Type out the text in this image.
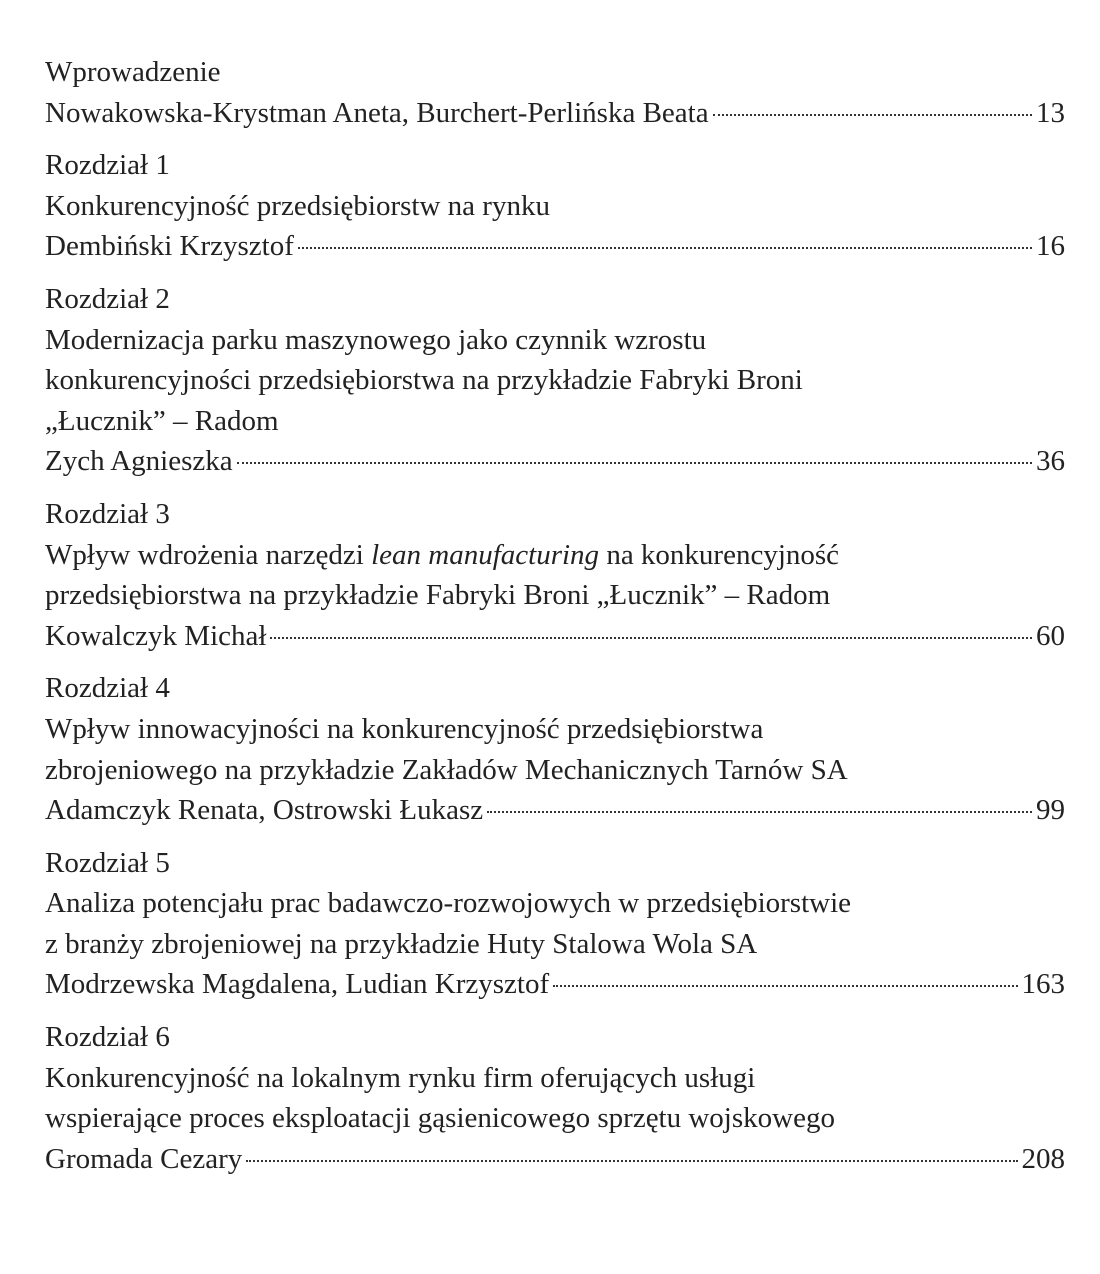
Wprowadzenie
Nowakowska-Krystman Aneta, Burchert-Perlińska Beata	13
Rozdział 1
Konkurencyjność przedsiębiorstw na rynku
Dembiński Krzysztof	16
Rozdział 2
Modernizacja parku maszynowego jako czynnik wzrostu
konkurencyjności przedsiębiorstwa na przykładzie Fabryki Broni
„Łucznik” – Radom
Zych Agnieszka	36
Rozdział 3
Wpływ wdrożenia narzędzi lean manufacturing na konkurencyjność
przedsiębiorstwa na przykładzie Fabryki Broni „Łucznik” – Radom
Kowalczyk Michał	60
Rozdział 4
Wpływ innowacyjności na konkurencyjność przedsiębiorstwa
zbrojeniowego na przykładzie Zakładów Mechanicznych Tarnów SA
Adamczyk Renata, Ostrowski Łukasz	99
Rozdział 5
Analiza potencjału prac badawczo-rozwojowych w przedsiębiorstwie
z branży zbrojeniowej na przykładzie Huty Stalowa Wola SA
Modrzewska Magdalena, Ludian Krzysztof	163
Rozdział 6
Konkurencyjność na lokalnym rynku firm oferujących usługi
wspierające proces eksploatacji gąsienicowego sprzętu wojskowego
Gromada Cezary	208
